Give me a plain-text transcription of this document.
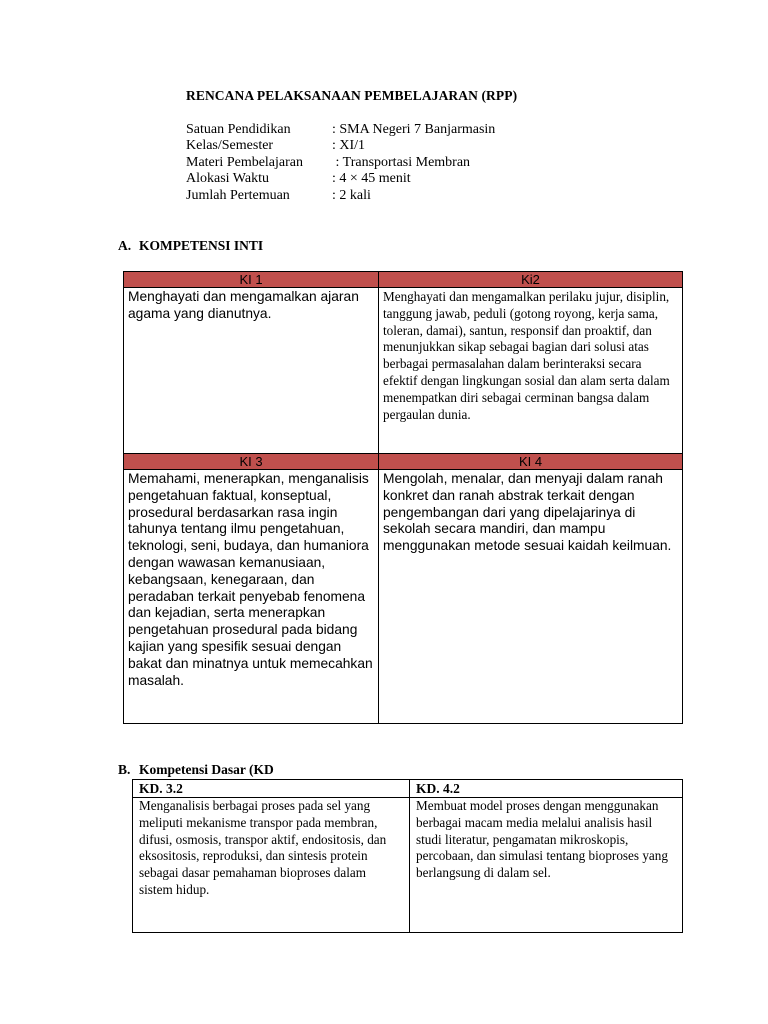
RENCANA PELAKSANAAN PEMBELAJARAN (RPP)
Satuan Pendidikan	: SMA Negeri 7 Banjarmasin
Kelas/Semester	: XI/1
Materi Pembelajaran	: Transportasi Membran
Alokasi Waktu	: 4 × 45 menit
Jumlah Pertemuan	: 2 kali
A. KOMPETENSI INTI
KI 1	Ki2
Menghayati dan mengamalkan ajaran agama yang dianutnya.	Menghayati dan mengamalkan perilaku jujur, disiplin, tanggung jawab, peduli (gotong royong, kerja sama, toleran, damai), santun, responsif dan proaktif, dan menunjukkan sikap sebagai bagian dari solusi atas berbagai permasalahan dalam berinteraksi secara efektif dengan lingkungan sosial dan alam serta dalam menempatkan diri sebagai cerminan bangsa dalam pergaulan dunia.
KI 3	KI 4
Memahami, menerapkan, menganalisis pengetahuan faktual, konseptual, prosedural berdasarkan rasa ingin tahunya tentang ilmu pengetahuan, teknologi, seni, budaya, dan humaniora dengan wawasan kemanusiaan, kebangsaan, kenegaraan, dan peradaban terkait penyebab fenomena dan kejadian, serta menerapkan pengetahuan prosedural pada bidang kajian yang spesifik sesuai dengan bakat dan minatnya untuk memecahkan masalah.	Mengolah, menalar, dan menyaji dalam ranah konkret dan ranah abstrak terkait dengan pengembangan dari yang dipelajarinya di sekolah secara mandiri, dan mampu menggunakan metode sesuai kaidah keilmuan.
B. Kompetensi Dasar (KD
KD. 3.2	KD. 4.2
Menganalisis berbagai proses pada sel yang meliputi mekanisme transpor pada membran, difusi, osmosis, transpor aktif, endositosis, dan eksositosis, reproduksi, dan sintesis protein sebagai dasar pemahaman bioproses dalam sistem hidup.	Membuat model proses dengan menggunakan berbagai macam media melalui analisis hasil studi literatur, pengamatan mikroskopis, percobaan, dan simulasi tentang bioproses yang berlangsung di dalam sel.
